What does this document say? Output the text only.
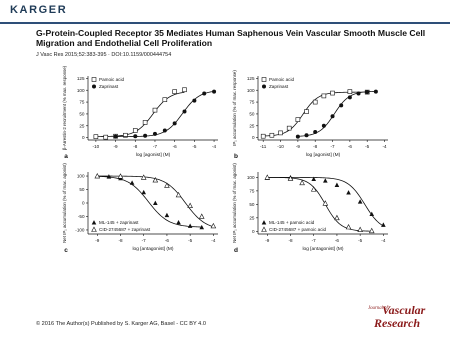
KARGER
G-Protein-Coupled Receptor 35 Mediates Human Saphenous Vein Vascular Smooth Muscle Cell Migration and Endothelial Cell Proliferation
J Vasc Res 2015;52:383-395 · DOI:10.1159/000444754
-10	-9	-8	-7	-6	-5	-4
0
25
50
75
100
125
log [agonist] (M)
β-Arrestin-2 recruitment (% max. response)
a
Pamoic acid
Zaprinast
-11 -10	-9	-8	-7	-6	-5	-4
0
25
50
75
100
125
log [agonist] (M)
IP₁ accumulation (% of max. response)
b
Pamoic acid
Zaprinast
-9	-8	-7	-6	-5	-4
-100
-50
0
50
100
log [antagonist] (M)
Net IP₁ accumulation (% of max. agonist)
c
ML-145 + zaprinast
CID-2745687 + zaprinast
-9	-8	-7	-6	-5	-4
0
25
50
75
100
log [antagonist] (M)
Net IP₁ accumulation (% of max. agonist)
d
ML-145 + pamoic acid
CID-2745687 + pamoic acid
© 2016 The Author(s) Published by S. Karger AG, Basel - CC BY 4.0
Journal of
Vascular
Research
